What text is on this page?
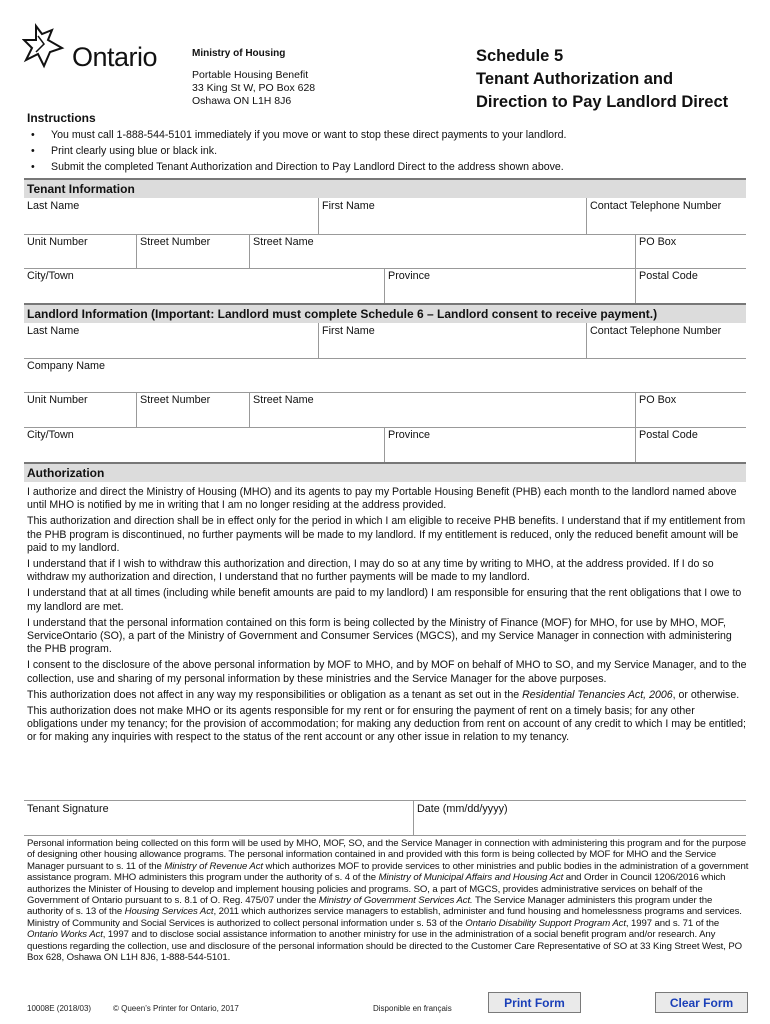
Ontario	Ministry of Housing
Portable Housing Benefit
33 King St W, PO Box 628
Oshawa ON L1H 8J6
Schedule 5
Tenant Authorization and
Direction to Pay Landlord Direct
Instructions
• You must call 1-888-544-5101 immediately if you move or want to stop these direct payments to your landlord.
• Print clearly using blue or black ink.
• Submit the completed Tenant Authorization and Direction to Pay Landlord Direct to the address shown above.
Tenant Information
Last Name	First Name	Contact Telephone Number
Unit Number	Street Number	Street Name	PO Box
City/Town	Province	Postal Code
Landlord Information (Important: Landlord must complete Schedule 6 – Landlord consent to receive payment.)
Last Name	First Name	Contact Telephone Number
Company Name
Unit Number	Street Number	Street Name	PO Box
City/Town	Province	Postal Code
Authorization

I authorize and direct the Ministry of Housing (MHO) and its agents to pay my Portable Housing Benefit (PHB) each month to the landlord named above until MHO is notified by me in writing that I am no longer residing at the address provided.

This authorization and direction shall be in effect only for the period in which I am eligible to receive PHB benefits. I understand that if my entitlement from the PHB program is discontinued, no further payments will be made to my landlord. If my entitlement is reduced, only the reduced benefit amount will be paid to my landlord.

I understand that if I wish to withdraw this authorization and direction, I may do so at any time by writing to MHO, at the address provided. If I do so withdraw my authorization and direction, I understand that no further payments will be made to my landlord.

I understand that at all times (including while benefit amounts are paid to my landlord) I am responsible for ensuring that the rent obligations that I owe to my landlord are met.

I understand that the personal information contained on this form is being collected by the Ministry of Finance (MOF) for MHO, for use by MHO, MOF, ServiceOntario (SO), a part of the Ministry of Government and Consumer Services (MGCS), and my Service Manager in connection with administering the PHB program.

I consent to the disclosure of the above personal information by MOF to MHO, and by MOF on behalf of MHO to SO, and my Service Manager, and to the collection, use and sharing of my personal information by these ministries and the Service Manager for the above purposes.

This authorization does not affect in any way my responsibilities or obligation as a tenant as set out in the Residential Tenancies Act, 2006, or otherwise.

This authorization does not make MHO or its agents responsible for my rent or for ensuring the payment of rent on a timely basis; for any other obligations under my tenancy; for the provision of accommodation; for making any deduction from rent on account of any credit to which I may be entitled; or for making any inquiries with respect to the status of the rent account or any other issue in relation to my tenancy.

Tenant Signature	Date (mm/dd/yyyy)
Personal information being collected on this form will be used by MHO, MOF, SO, and the Service Manager in connection with administering this program and for the purpose of designing other housing allowance programs. The personal information contained in and provided with this form is being collected by MOF for MHO and the Service Manager pursuant to s. 11 of the Ministry of Revenue Act which authorizes MOF to provide services to other ministries and public bodies in the administration of a government assistance program. MHO administers this program under the authority of s. 4 of the Ministry of Municipal Affairs and Housing Act and Order in Council 1206/2016 which authorizes the Minister of Housing to develop and implement housing policies and programs. SO, a part of MGCS, provides administrative services on behalf of the Government of Ontario pursuant to s. 8.1 of O. Reg. 475/07 under the Ministry of Government Services Act. The Service Manager administers this program under the authority of s. 13 of the Housing Services Act, 2011 which authorizes service managers to establish, administer and fund housing and homelessness programs and services. Ministry of Community and Social Services is authorized to collect personal information under s. 53 of the Ontario Disability Support Program Act, 1997 and s. 71 of the Ontario Works Act, 1997 and to disclose social assistance information to another ministry for use in the administration of a social benefit program and/or research. Any questions regarding the collection, use and disclosure of the personal information should be directed to the Customer Care Representative of SO at 33 King Street West, PO Box 628, Oshawa ON L1H 8J6, 1-888-544-5101.
10008E (2018/03)	© Queen’s Printer for Ontario, 2017	Disponible en français	Print Form	Clear Form
